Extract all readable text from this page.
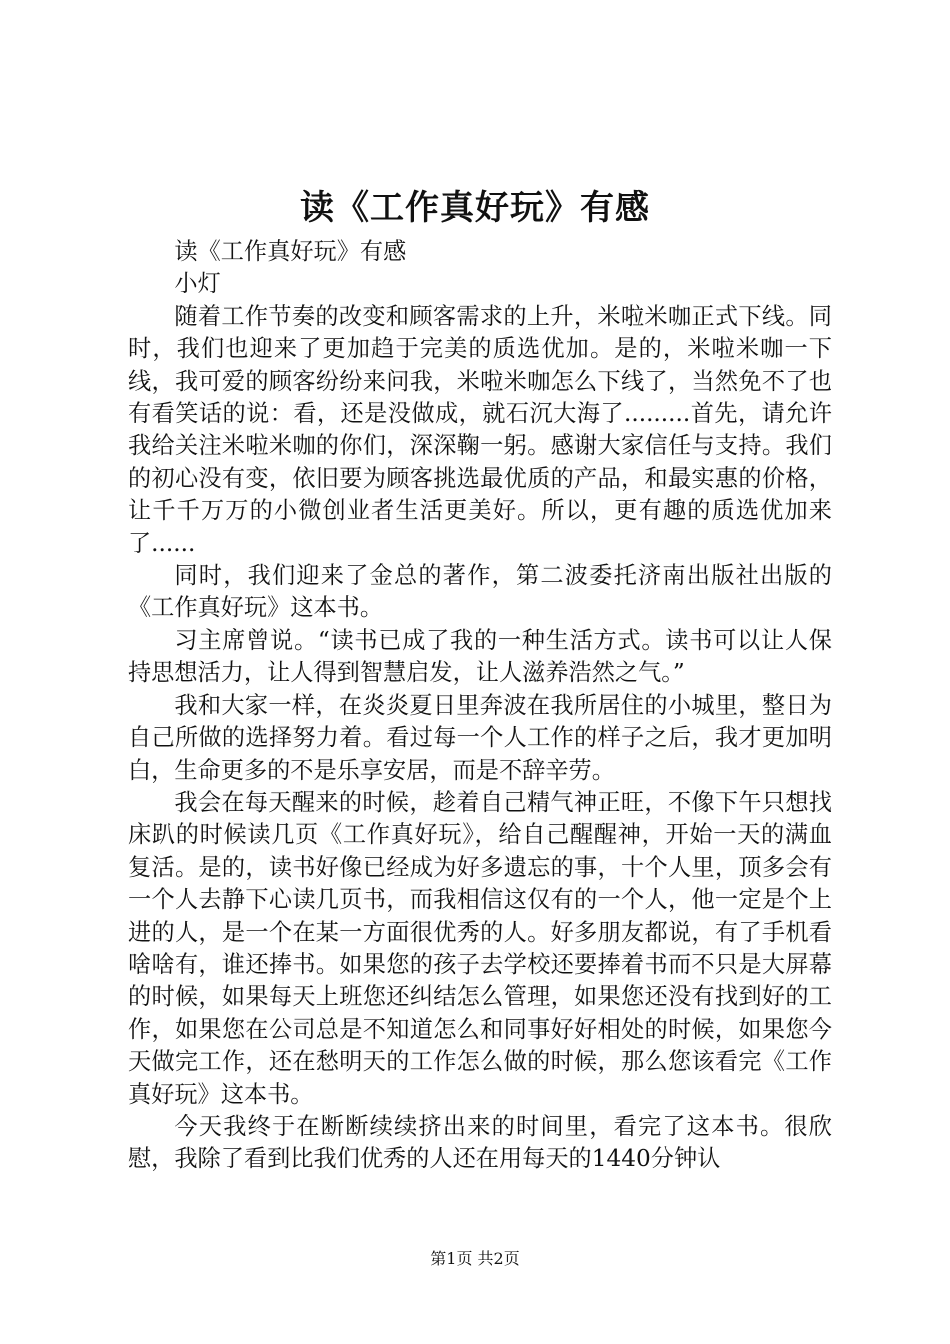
读《工作真好玩》有感

读《工作真好玩》有感

小灯

随着工作节奏的改变和顾客需求的上升，米啦米咖正式下线。同时，我们也迎来了更加趋于完美的质选优加。是的，米啦米咖一下线，我可爱的顾客纷纷来问我，米啦米咖怎么下线了，当然免不了也有看笑话的说：看，还是没做成，就石沉大海了.........首先，请允许我给关注米啦米咖的你们，深深鞠一躬。感谢大家信任与支持。我们的初心没有变，依旧要为顾客挑选最优质的产品，和最实惠的价格，让千千万万的小微创业者生活更美好。所以，更有趣的质选优加来了......

同时，我们迎来了金总的著作，第二波委托济南出版社出版的《工作真好玩》这本书。

习主席曾说。“读书已成了我的一种生活方式。读书可以让人保持思想活力，让人得到智慧启发，让人滋养浩然之气。”

我和大家一样，在炎炎夏日里奔波在我所居住的小城里，整日为自己所做的选择努力着。看过每一个人工作的样子之后，我才更加明白，生命更多的不是乐享安居，而是不辞辛劳。

我会在每天醒来的时候，趁着自己精气神正旺，不像下午只想找床趴的时候读几页《工作真好玩》，给自己醒醒神，开始一天的满血复活。是的，读书好像已经成为好多遗忘的事，十个人里，顶多会有一个人去静下心读几页书，而我相信这仅有的一个人，他一定是个上进的人，是一个在某一方面很优秀的人。好多朋友都说，有了手机看啥啥有，谁还捧书。如果您的孩子去学校还要捧着书而不只是大屏幕的时候，如果每天上班您还纠结怎么管理，如果您还没有找到好的工作，如果您在公司总是不知道怎么和同事好好相处的时候，如果您今天做完工作，还在愁明天的工作怎么做的时候，那么您该看完《工作真好玩》这本书。

今天我终于在断断续续挤出来的时间里，看完了这本书。很欣慰，我除了看到比我们优秀的人还在用每天的1440分钟认

第1页 共2页
